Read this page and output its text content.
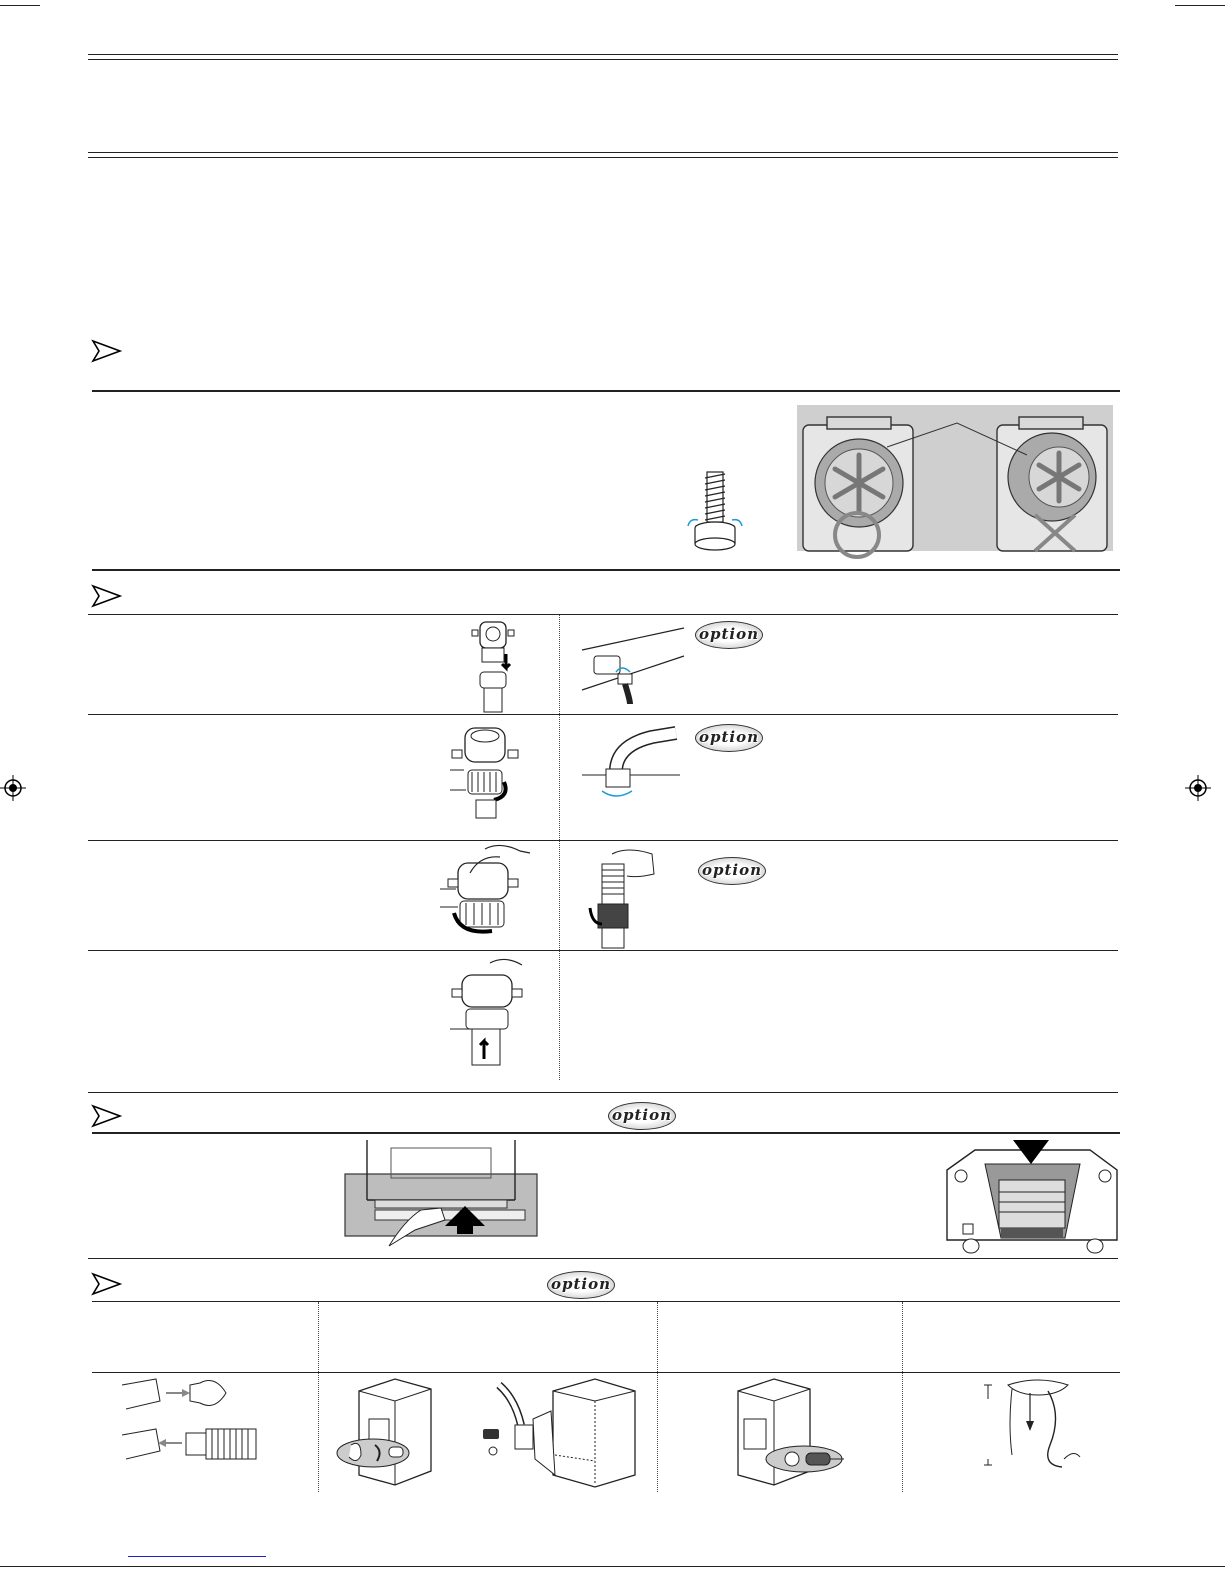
option
option
option
option
option
